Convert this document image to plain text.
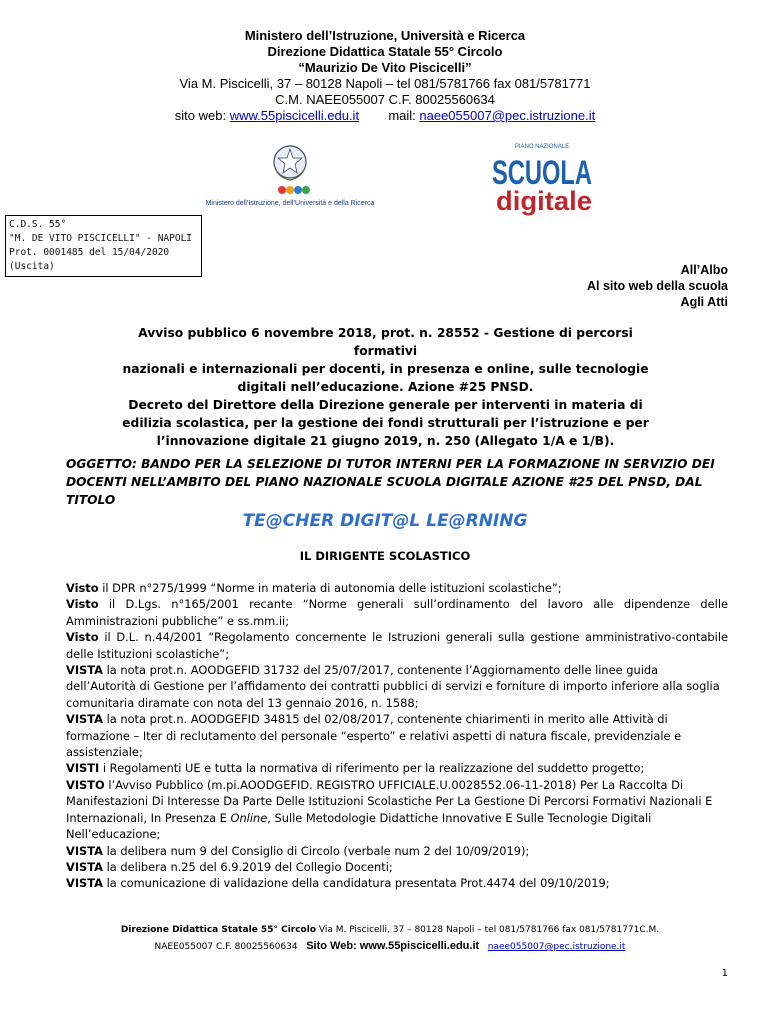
Ministero dell’Istruzione, Università e Ricerca
Direzione Didattica Statale 55° Circolo
“Maurizio De Vito Piscicelli”
Via M. Piscicelli, 37 – 80128 Napoli – tel 081/5781766 fax 081/5781771
C.M. NAEE055007 C.F. 80025560634
sito web: www.55piscicelli.edu.it mail: naee055007@pec.istruzione.it
Ministero dell’Istruzione, dell’Università e della Ricerca
PIANO NAZIONALE
SCUOLA
digitale
C.D.S. 55°
"M. DE VITO PISCICELLI" - NAPOLI
Prot. 0001485 del 15/04/2020
(Uscita)	All’Albo
Al sito web della scuola
Agli Atti
Avviso pubblico 6 novembre 2018, prot. n. 28552 - Gestione di percorsi formativi
nazionali e internazionali per docenti, in presenza e online, sulle tecnologie
digitali nell’educazione. Azione #25 PNSD.
Decreto del Direttore della Direzione generale per interventi in materia di
edilizia scolastica, per la gestione dei fondi strutturali per l’istruzione e per
l’innovazione digitale 21 giugno 2019, n. 250 (Allegato 1/A e 1/B).
OGGETTO: BANDO PER LA SELEZIONE DI TUTOR INTERNI PER LA FORMAZIONE IN SERVIZIO DEI
DOCENTI NELL’AMBITO DEL PIANO NAZIONALE SCUOLA DIGITALE AZIONE #25 DEL PNSD, DAL TITOLO
TE@CHER DIGIT@L LE@RNING
IL DIRIGENTE SCOLASTICO

Visto il DPR n°275/1999 “Norme in materia di autonomia delle istituzioni scolastiche”;

Visto il D.Lgs. n°165/2001 recante “Norme generali sull’ordinamento del lavoro alle dipendenze delle Amministrazioni pubbliche” e ss.mm.ii;

Visto il D.L. n.44/2001 “Regolamento concernente le Istruzioni generali sulla gestione amministrativo-contabile delle Istituzioni scolastiche”;

VISTA la nota prot.n. AOODGEFID 31732 del 25/07/2017, contenente l’Aggiornamento delle linee guida dell’Autorità di Gestione per l’affidamento dei contratti pubblici di servizi e forniture di importo inferiore alla soglia comunitaria diramate con nota del 13 gennaio 2016, n. 1588;

VISTA la nota prot.n. AOODGEFID 34815 del 02/08/2017, contenente chiarimenti in merito alle Attività di formazione – Iter di reclutamento del personale “esperto” e relativi aspetti di natura fiscale, previdenziale e assistenziale;

VISTI i Regolamenti UE e tutta la normativa di riferimento per la realizzazione del suddetto progetto;

VISTO l’Avviso Pubblico (m.pi.AOODGEFID. REGISTRO UFFICIALE.U.0028552.06-11-2018) Per La Raccolta Di Manifestazioni Di Interesse Da Parte Delle Istituzioni Scolastiche Per La Gestione Di Percorsi Formativi Nazionali E Internazionali, In Presenza E Online, Sulle Metodologie Didattiche Innovative E Sulle Tecnologie Digitali Nell’educazione;

VISTA la delibera num 9 del Consiglio di Circolo (verbale num 2 del 10/09/2019);

VISTA la delibera n.25 del 6.9.2019 del Collegio Docenti;

VISTA la comunicazione di validazione della candidatura presentata Prot.4474 del 09/10/2019;

Direzione Didattica Statale 55° Circolo Via M. Piscicelli, 37 – 80128 Napoli – tel 081/5781766 fax 081/5781771C.M.
NAEE055007 C.F. 80025560634 Sito Web: www.55piscicelli.edu.it naee055007@pec.istruzione.it
1
